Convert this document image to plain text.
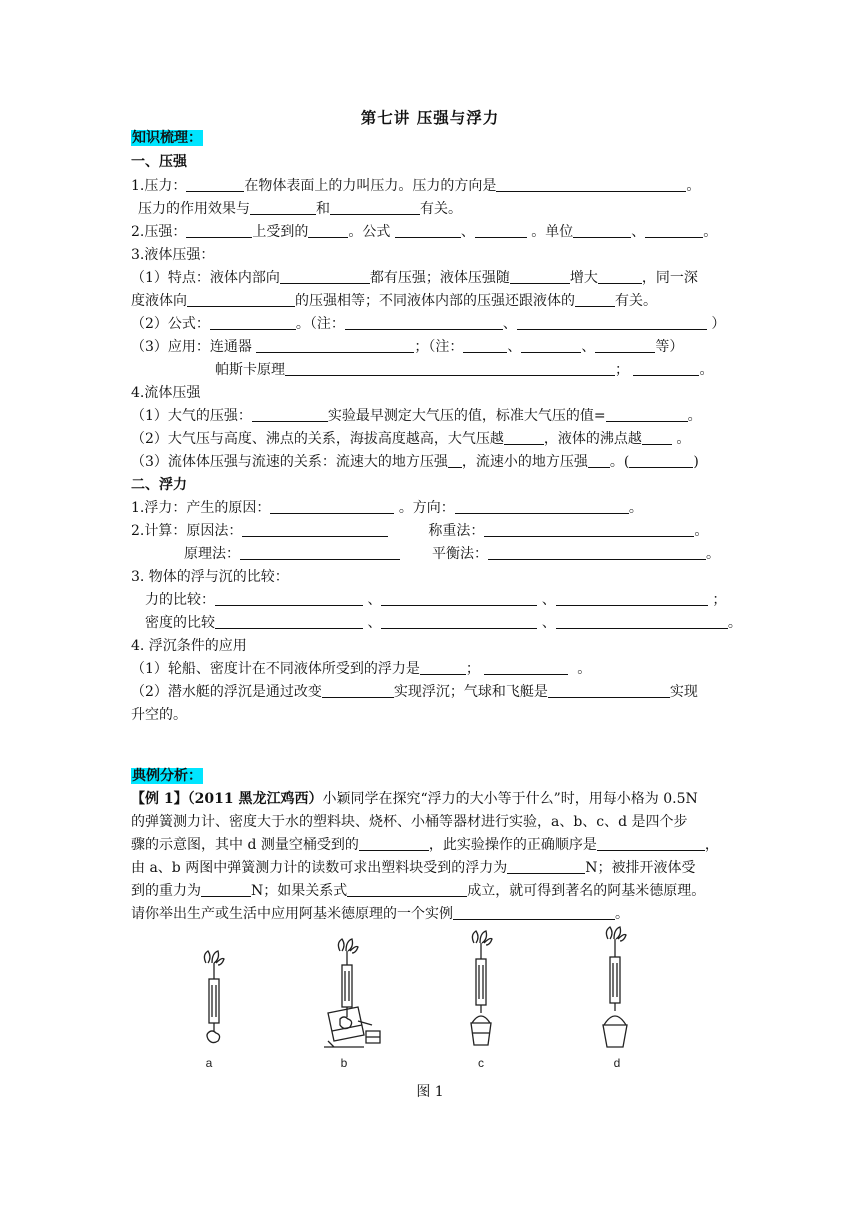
第七讲 压强与浮力
知识梳理：
一、压强
1.压力：	在物体表面上的力叫压力。压力的方向是	。
压力的作用效果与	和	有关。
2.压强：	上受到的	。公式	、	。单位	、	。
3.液体压强：
（1）特点：液体内部向	都有压强；液体压强随	增大	，同一深
度液体向	的压强相等；不同液体内部的压强还跟液体的	有关。
（2）公式：	。（注：	、	）
（3）应用：连通器	；（注：	、	、	等）
帕斯卡原理	；	。
4.流体压强
（1）大气的压强：	实验最早测定大气压的值，标准大气压的值=	。
（2）大气压与高度、沸点的关系，海拔高度越高，大气压越	，液体的沸点越 。
（3）流体体压强与流速的关系：流速大的地方压强 ，流速小的地方压强 。(	)
二、浮力
1.浮力：产生的原因：	。方向：	。
2.计算：原因法：	称重法：	。
原理法：	平衡法：	。
3. 物体的浮与沉的比较：
力的比较：	、	、	；
密度的比较	、	、	。
4. 浮沉条件的应用
（1）轮船、密度计在不同液体所受到的浮力是	；	。
（2）潜水艇的浮沉是通过改变	实现浮沉；气球和飞艇是	实现
升空的。
典例分析：
【例 1】（2011 黑龙江鸡西）小颖同学在探究“浮力的大小等于什么”时，用每小格为 0.5N
的弹簧测力计、密度大于水的塑料块、烧杯、小桶等器材进行实验，a、b、c、d 是四个步
骤的示意图，其中 d 测量空桶受到的	，此实验操作的正确顺序是	，
由 a、b 两图中弹簧测力计的读数可求出塑料块受到的浮力为	N；被排开液体受
到的重力为	N；如果关系式	成立，就可得到著名的阿基米德原理。
请你举出生产或生活中应用阿基米德原理的一个实例	。
a	b	c	d
图 1
